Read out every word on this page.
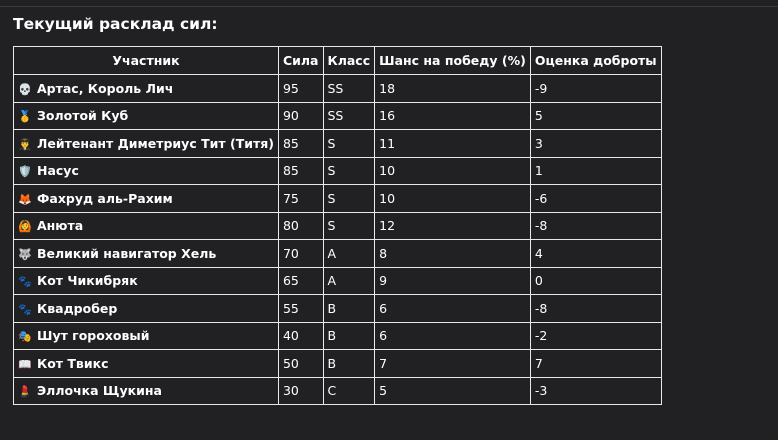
Текущий расклад сил:
Участник	Сила	Класс	Шанс на победу (%)	Оценка доброты
💀 Артас, Король Лич	95	SS	18	-9
🥇 Золотой Куб	90	SS	16	5
👨‍✈️ Лейтенант Диметриус Тит (Титя)	85	S	11	3
🛡️ Насус	85	S	10	1
🦊 Фахруд аль-Рахим	75	S	10	-6
🙆 Анюта	80	S	12	-8
🐺 Великий навигатор Хель	70	A	8	4
🐾 Кот Чикибряк	65	A	9	0
🐾 Квадробер	55	B	6	-8
🎭 Шут гороховый	40	B	6	-2
📖 Кот Твикс	50	B	7	7
💄 Эллочка Щукина	30	C	5	-3
